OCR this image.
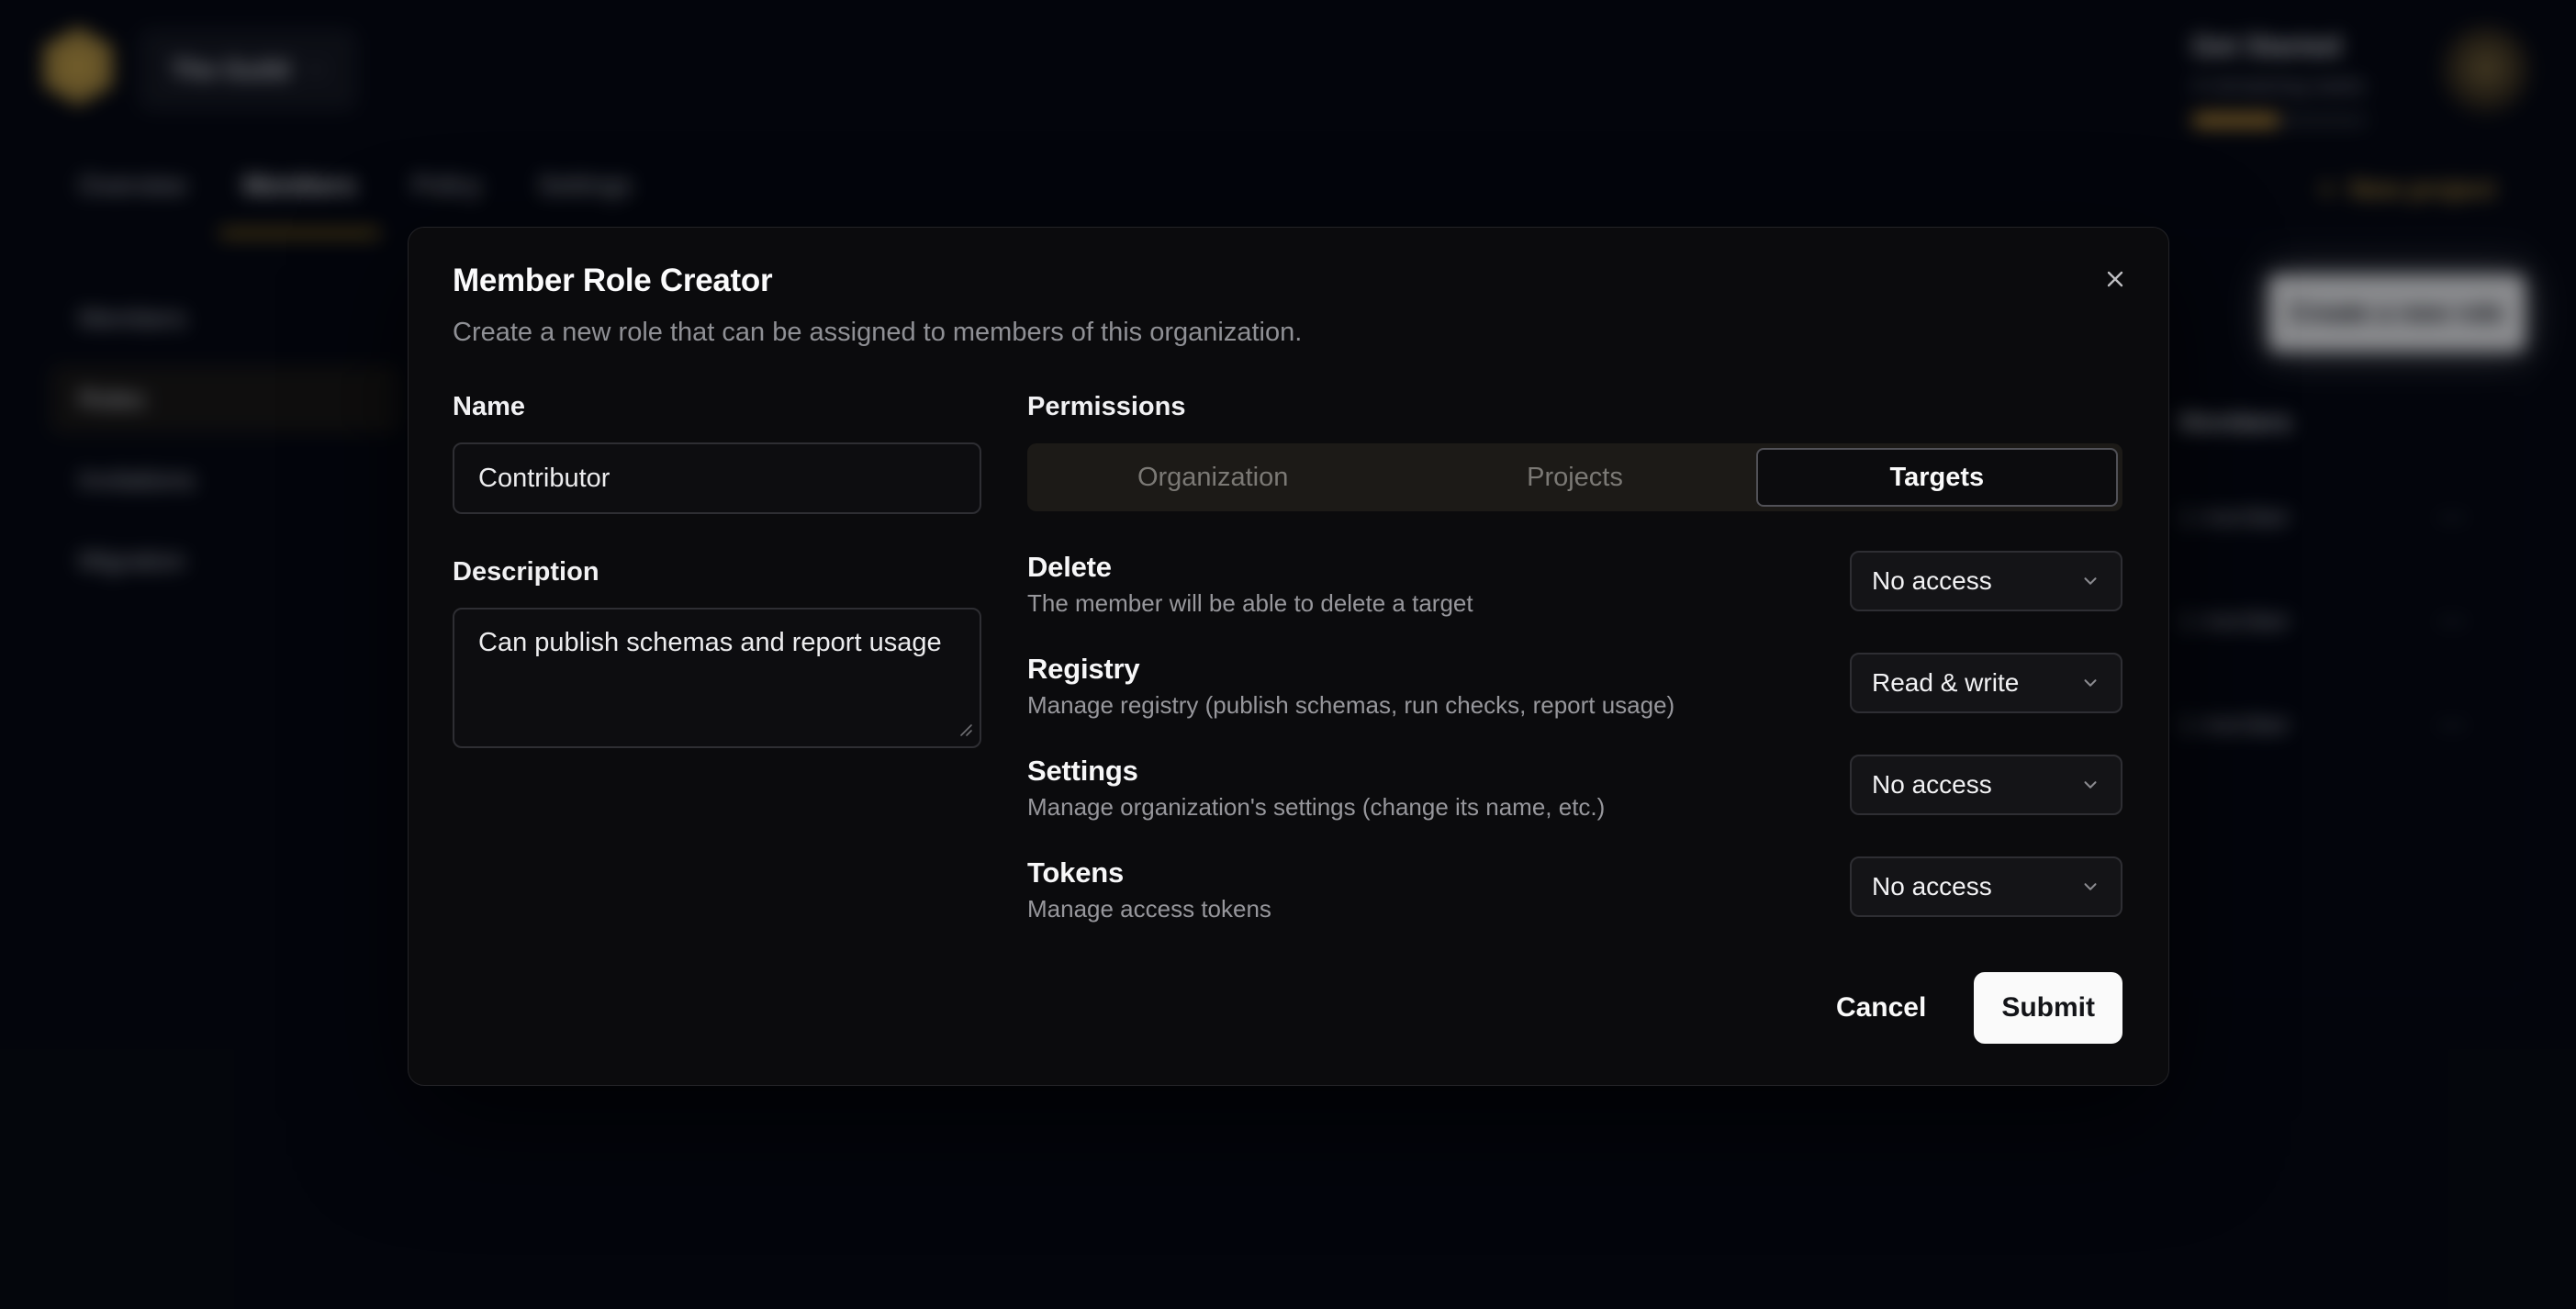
The Guild
Get Started
4 remaining tasks
Overview Members Policy Settings	+ New project
Members
Roles
Invitations
Migration
Create a new role
Members
1 member	⋯
1 member	⋯
1 member	⋯
Member Role Creator

Create a new role that can be assigned to members of this organization.

Name
Contributor
Description
Can publish schemas and report usage
Permissions
Organization	Projects	Targets
Delete
The member will be able to delete a target
No access
Registry
Manage registry (publish schemas, run checks, report usage)
Read & write
Settings
Manage organization's settings (change its name, etc.)
No access
Tokens
Manage access tokens
No access
Cancel	Submit
